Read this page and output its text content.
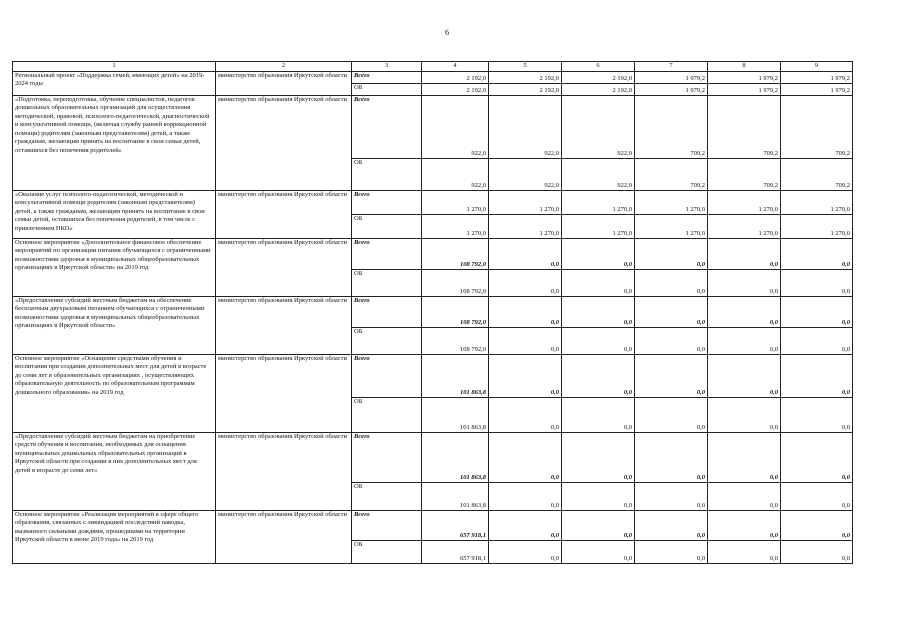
6
1	2	3	4	5	6	7	8	9
Региональный проект «Поддержка семей, имеющих детей» на 2019-2024 годы	министерство образования Иркутской области	Всего	2 192,0	2 192,0	2 192,0	1 979,2	1 979,2	1 979,2
		ОБ	2 192,0	2 192,0	2 192,0	1 979,2	1 979,2	1 979,2
«Подготовка, переподготовка, обучение специалистов, педагогов дошкольных образовательных организаций для осуществления методической, правовой, психолого-педагогической, диагностической и консультативной помощи, (включая службу ранней коррекционной помощи) родителям (законным представителям) детей, а также гражданам, желающим принять на воспитание в свои семьи детей, оставшихся без попечения родителей»	министерство образования Иркутской области	Всего	922,0	922,0	922,0	709,2	709,2	709,2
		ОБ	922,0	922,0	922,0	709,2	709,2	709,2
«Оказание услуг психолого-педагогической, методической и консультативной помощи родителям (законным представителям) детей, а также гражданам, желающим принять на воспитание в свои семьи детей, оставшихся без попечения родителей, в том числе с привлечением НКО»	министерство образования Иркутской области	Всего	1 270,0	1 270,0	1 270,0	1 270,0	1 270,0	1 270,0
		ОБ	1 270,0	1 270,0	1 270,0	1 270,0	1 270,0	1 270,0
Основное мероприятие «Дополнительное финансовое обеспечение мероприятий по организации питания обучающихся с ограниченными возможностями здоровья в муниципальных общеобразовательных организациях в Иркутской области» на 2019 год	министерство образования Иркутской области	Всего	108 792,0	0,0	0,0	0,0	0,0	0,0
		ОБ	108 792,0	0,0	0,0	0,0	0,0	0,0
«Предоставление субсидий местным бюджетам на обеспечение бесплатным двухразовым питанием обучающихся с ограниченными возможностями здоровья в муниципальных общеобразовательных организациях в Иркутской области»	министерство образования Иркутской области	Всего	108 792,0	0,0	0,0	0,0	0,0	0,0
		ОБ	108 792,0	0,0	0,0	0,0	0,0	0,0
Основное мероприятие «Оснащение средствами обучения и воспитания при создании дополнительных мест для детей в возрасте до семи лет в образовательных организациях , осуществляющих образовательную деятельность по образовательным программам дошкольного образования» на 2019 год	министерство образования Иркутской области	Всего	101 863,8	0,0	0,0	0,0	0,0	0,0
		ОБ	101 863,8	0,0	0,0	0,0	0,0	0,0
«Предоставление субсидий местным бюджетам на приобретение средств обучения и воспитания, необходимых для оснащения муниципальных дошкольных образовательных организаций в Иркутской области при создании в них дополнительных мест для детей в возрасте до семи лет»	министерство образования Иркутской области	Всего	101 863,8	0,0	0,0	0,0	0,0	0,0
		ОБ	101 863,8	0,0	0,0	0,0	0,0	0,0
Основное мероприятие «Реализация мероприятий в сфере общего образования, связанных с ликвидацией последствий паводка, вызванного сильными дождями, прошедшими на территории Иркутской области в июне 2019 года» на 2019 год	министерство образования Иркутской области	Всего	657 918,1	0,0	0,0	0,0	0,0	0,0
		ОБ	657 918,1	0,0	0,0	0,0	0,0	0,0
